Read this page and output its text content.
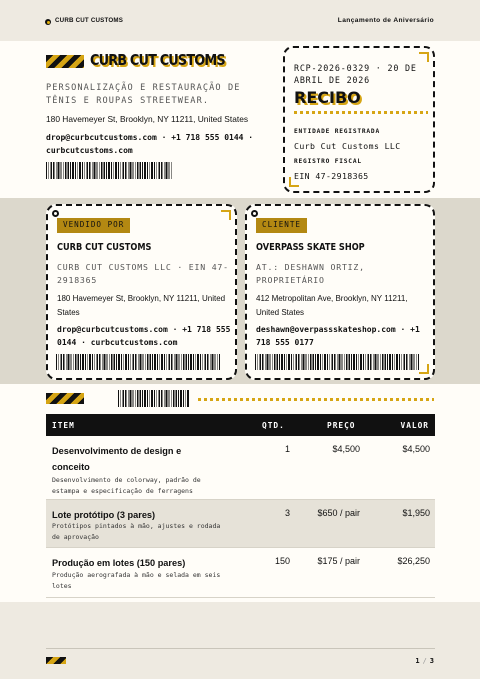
CURB CUT CUSTOMS	Lançamento de Aniversário
CURB CUT CUSTOMS
PERSONALIZAÇÃO E RESTAURAÇÃO DE TÊNIS E ROUPAS STREETWEAR.
180 Havemeyer St, Brooklyn, NY 11211, United States
drop@curbcutcustoms.com · +1 718 555 0144 · curbcutcustoms.com
RCP-2026-0329 · 20 DE ABRIL DE 2026
RECIBO
ENTIDADE REGISTRADA
Curb Cut Customs LLC
REGISTRO FISCAL
EIN 47-2918365
VENDIDO POR
CURB CUT CUSTOMS
CURB CUT CUSTOMS LLC · EIN 47-2918365
180 Havemeyer St, Brooklyn, NY 11211, United States
drop@curbcutcustoms.com · +1 718 555 0144 · curbcutcustoms.com
CLIENTE
OVERPASS SKATE SHOP
AT.: DESHAWN ORTIZ, PROPRIETÁRIO
412 Metropolitan Ave, Brooklyn, NY 11211, United States
deshawn@overpassskateshop.com · +1 718 555 0177
ITEM	QTD.	PREÇO	VALOR
Desenvolvimento de design e conceito
Desenvolvimento de colorway, padrão de estampa e especificação de ferragens
1	$4,500	$4,500
Lote protótipo (3 pares)
Protótipos pintados à mão, ajustes e rodada de aprovação
3	$650 / pair	$1,950
Produção em lotes (150 pares)
Produção aerografada à mão e selada em seis lotes
150	$175 / pair	$26,250
1 / 3
